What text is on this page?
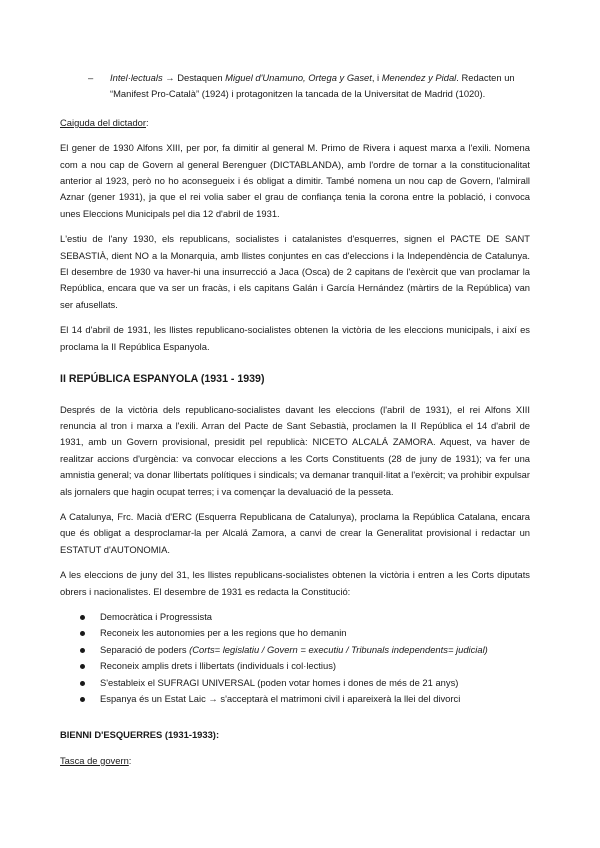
–	Intel·lectuals → Destaquen Miguel d'Unamuno, Ortega y Gaset, i Menendez y Pidal. Redacten un “Manifest Pro-Català” (1924) i protagonitzen la tancada de la Universitat de Madrid (1020).

Caiguda del dictador:

El gener de 1930 Alfons XIII, per por, fa dimitir al general M. Primo de Rivera i aquest marxa a l'exili. Nomena com a nou cap de Govern al general Berenguer (DICTABLANDA), amb l'ordre de tornar a la constitucionalitat anterior al 1923, però no ho aconsegueix i és obligat a dimitir. També nomena un nou cap de Govern, l'almirall Aznar (gener 1931), ja que el rei volia saber el grau de confiança tenia la corona entre la població, i convoca unes Eleccions Municipals pel dia 12 d'abril de 1931.

L'estiu de l'any 1930, els republicans, socialistes i catalanistes d'esquerres, signen el PACTE DE SANT SEBASTIÀ, dient NO a la Monarquia, amb llistes conjuntes en cas d'eleccions i la Independència de Catalunya. El desembre de 1930 va haver-hi una insurrecció a Jaca (Osca) de 2 capitans de l'exèrcit que van proclamar la República, encara que va ser un fracàs, i els capitans Galán i García Hernández (màrtirs de la República) van ser afusellats.

El 14 d'abril de 1931, les llistes republicano-socialistes obtenen la victòria de les eleccions municipals, i així es proclama la II República Espanyola.

II REPÚBLICA ESPANYOLA (1931 - 1939)

Després de la victòria dels republicano-socialistes davant les eleccions (l'abril de 1931), el rei Alfons XIII renuncia al tron i marxa a l'exili. Arran del Pacte de Sant Sebastià, proclamen la II República el 14 d'abril de 1931, amb un Govern provisional, presidit pel republicà: NICETO ALCALÁ ZAMORA. Aquest, va haver de realitzar accions d'urgència: va convocar eleccions a les Corts Constituents (28 de juny de 1931); va fer una amnistia general; va donar llibertats polítiques i sindicals; va demanar tranquil·litat a l'exèrcit; va prohibir expulsar als jornalers que hagin ocupat terres; i va començar la devaluació de la pesseta.

A Catalunya, Frc. Macià d'ERC (Esquerra Republicana de Catalunya), proclama la República Catalana, encara que és obligat a desproclamar-la per Alcalá Zamora, a canvi de crear la Generalitat provisional i redactar un ESTATUT d'AUTONOMIA.

A les eleccions de juny del 31, les llistes republicans-socialistes obtenen la victòria i entren a les Corts diputats obrers i nacionalistes. El desembre de 1931 es redacta la Constitució:

Democràtica i Progressista
Reconeix les autonomies per a les regions que ho demanin
Separació de poders (Corts= legislatiu / Govern = executiu / Tribunals independents= judicial)
Reconeix amplis drets i llibertats (individuals i col·lectius)
S'estableix el SUFRAGI UNIVERSAL (poden votar homes i dones de més de 21 anys)
Espanya és un Estat Laic → s'acceptarà el matrimoni civil i apareixerà la llei del divorci

BIENNI D'ESQUERRES (1931-1933):

Tasca de govern:
